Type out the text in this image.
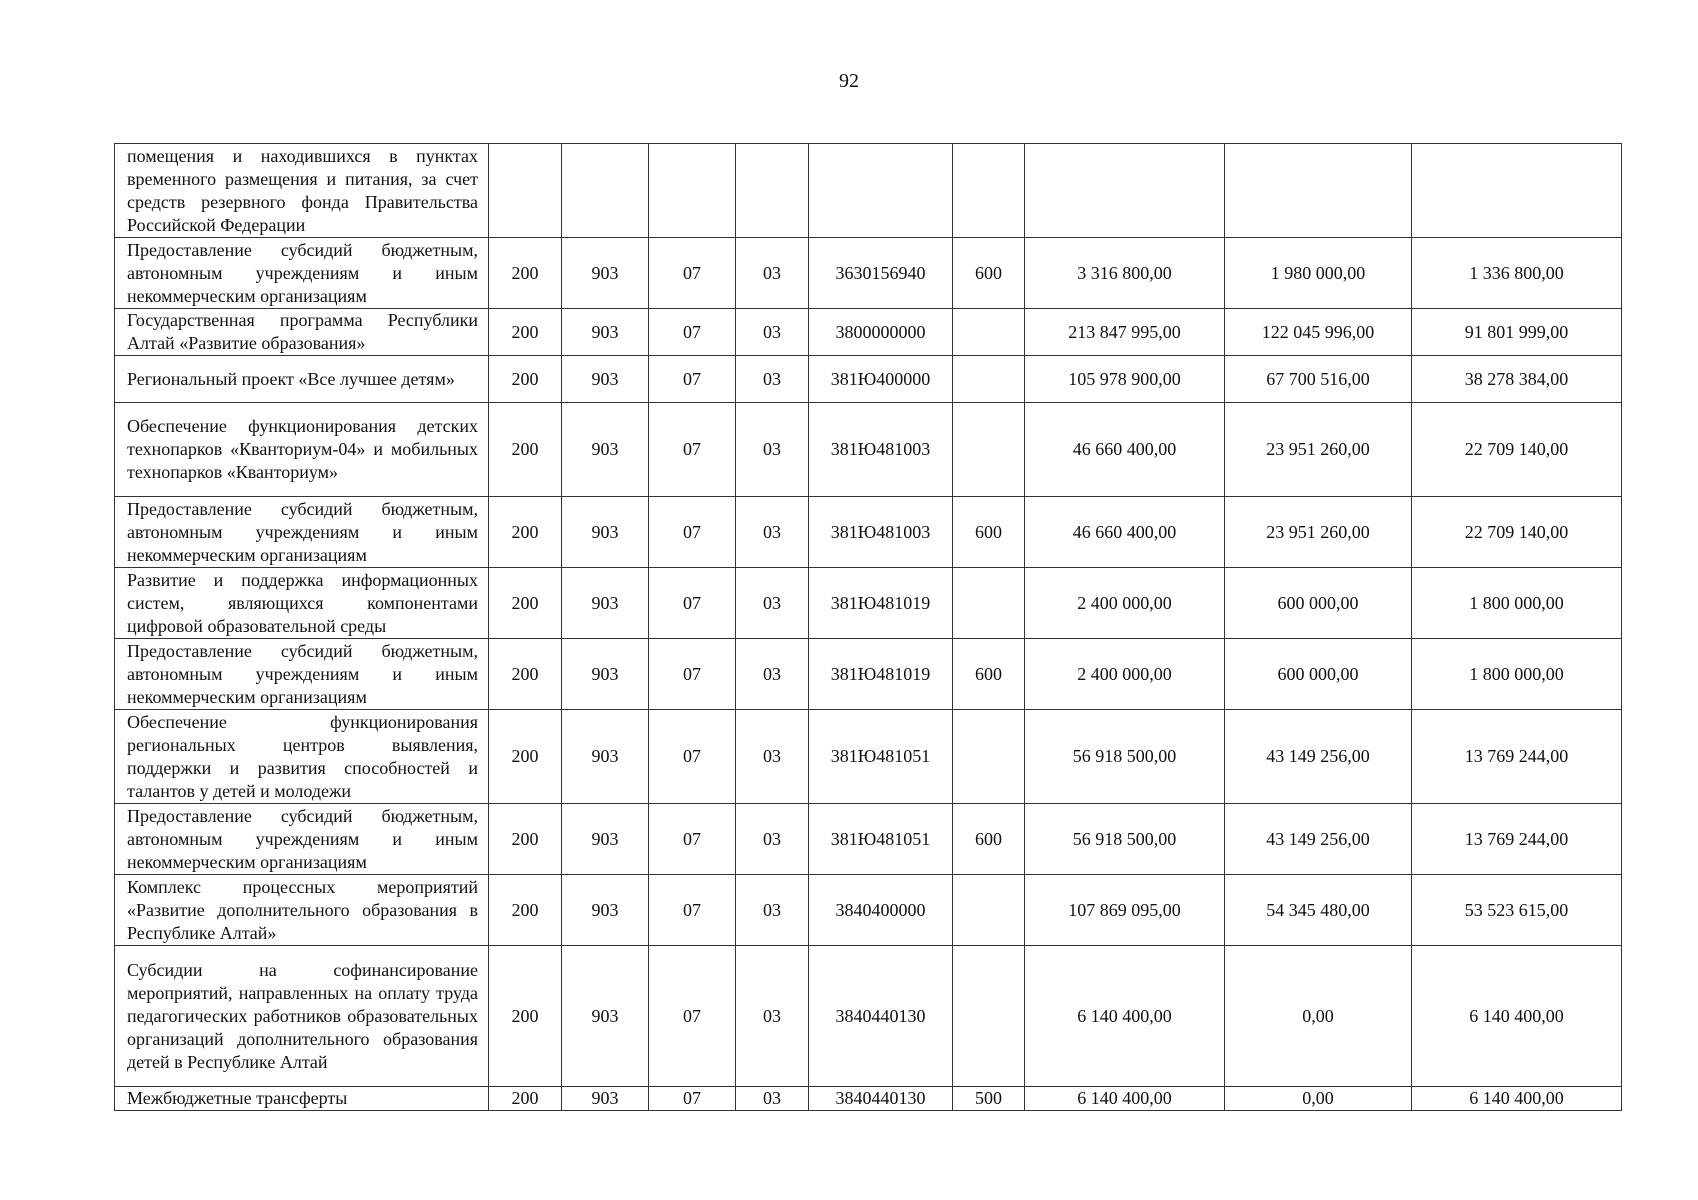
92
помещения и находившихся в пунктах временного размещения и питания, за счет средств резервного фонда Правительства Российской Федерации									
Предоставление субсидий бюджетным, автономным учреждениям и иным некоммерческим организациям	200	903	07	03	3630156940	600	3 316 800,00	1 980 000,00	1 336 800,00
Государственная программа Республики Алтай «Развитие образования»	200	903	07	03	3800000000		213 847 995,00	122 045 996,00	91 801 999,00
Региональный проект «Все лучшее детям»	200	903	07	03	381Ю400000		105 978 900,00	67 700 516,00	38 278 384,00
Обеспечение функционирования детских технопарков «Кванториум-04» и мобильных технопарков «Кванториум»	200	903	07	03	381Ю481003		46 660 400,00	23 951 260,00	22 709 140,00
Предоставление субсидий бюджетным, автономным учреждениям и иным некоммерческим организациям	200	903	07	03	381Ю481003	600	46 660 400,00	23 951 260,00	22 709 140,00
Развитие и поддержка информационных систем, являющихся компонентами цифровой образовательной среды	200	903	07	03	381Ю481019		2 400 000,00	600 000,00	1 800 000,00
Предоставление субсидий бюджетным, автономным учреждениям и иным некоммерческим организациям	200	903	07	03	381Ю481019	600	2 400 000,00	600 000,00	1 800 000,00
Обеспечение функционирования региональных центров выявления, поддержки и развития способностей и талантов у детей и молодежи	200	903	07	03	381Ю481051		56 918 500,00	43 149 256,00	13 769 244,00
Предоставление субсидий бюджетным, автономным учреждениям и иным некоммерческим организациям	200	903	07	03	381Ю481051	600	56 918 500,00	43 149 256,00	13 769 244,00
Комплекс процессных мероприятий «Развитие дополнительного образования в Республике Алтай»	200	903	07	03	3840400000		107 869 095,00	54 345 480,00	53 523 615,00
Субсидии на софинансирование мероприятий, направленных на оплату труда педагогических работников образовательных организаций дополнительного образования детей в Республике Алтай	200	903	07	03	3840440130		6 140 400,00	0,00	6 140 400,00
Межбюджетные трансферты	200	903	07	03	3840440130	500	6 140 400,00	0,00	6 140 400,00
